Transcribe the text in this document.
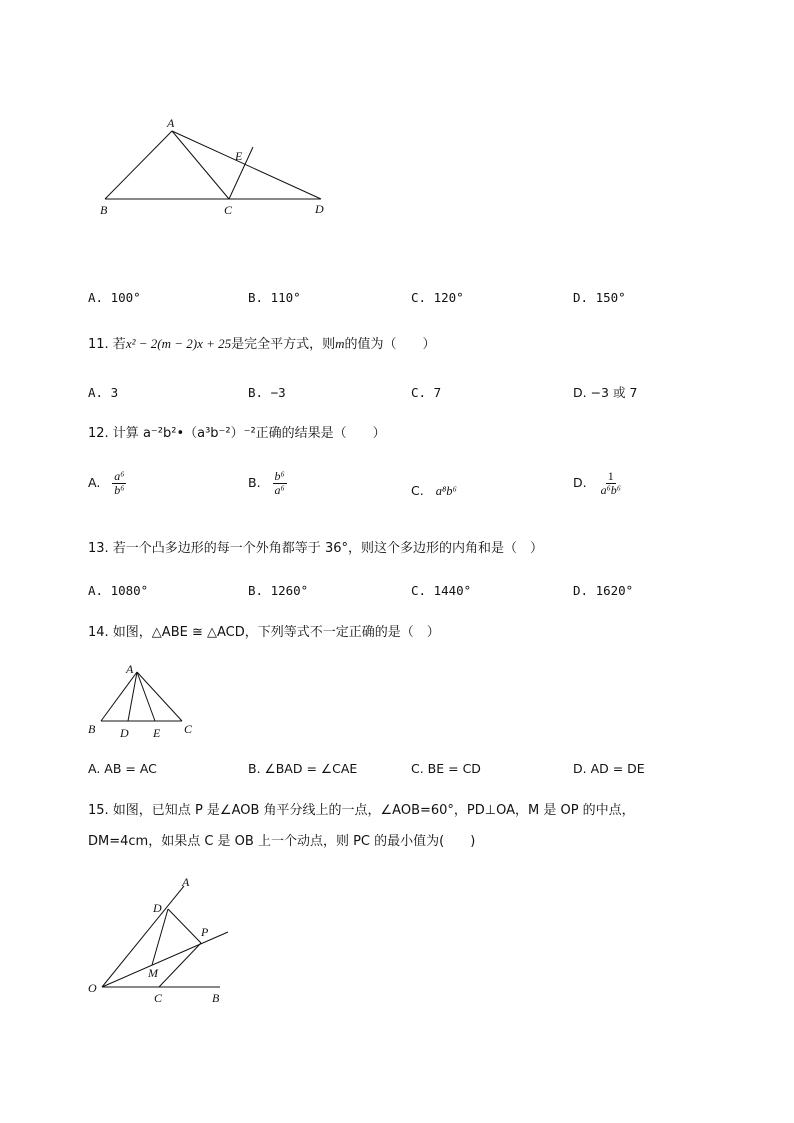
A
B	C	D
E
A. 100°	B. 110°	C. 120°	D. 150°
11. 若x² − 2(m − 2)x + 25是完全平方式，则m的值为（　　）
A. 3	B. −3	C. 7	D. −3 或 7
12. 计算 a⁻²b²•（a³b⁻²）⁻²正确的结果是（　　）
A. $\frac{\text{a⁶}}{\text{b⁶}}$	B. $\frac{\text{b⁶}}{\text{a⁶}}$	C. a⁸b⁶
D. $\frac{1}{\text{a⁶b⁶}}$
13. 若一个凸多边形的每一个外角都等于 36°，则这个多边形的内角和是（　）
A. 1080°	B. 1260°	C. 1440°	D. 1620°
14. 如图，△ABE ≅ △ACD，下列等式不一定正确的是（　）
A
B	C
D E
A. AB = AC	B. ∠BAD = ∠CAE	C. BE = CD	D. AD = DE
15. 如图，已知点 P 是∠AOB 角平分线上的一点，∠AOB=60°，PD⊥OA，M 是 OP 的中点，
DM=4cm，如果点 C 是 OB 上一个动点，则 PC 的最小值为(　　)
A
D
P
M
O
C	B
